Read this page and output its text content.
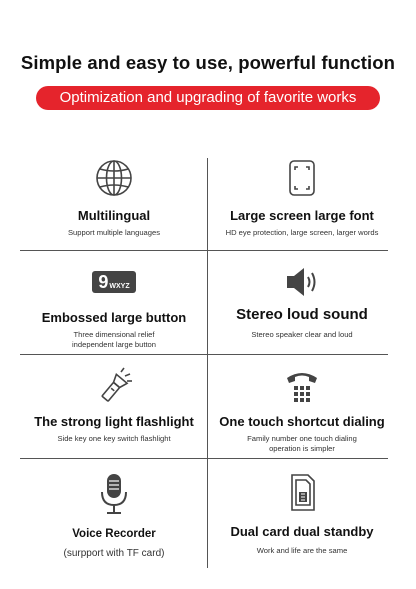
Simple and easy to use, powerful function
Optimization and upgrading of favorite works
Multilingual
Support multiple languages
Large screen large font
HD eye protection, large screen, larger words
9 WXYZ
Embossed large button
Three dimensional relief
independent large button
Stereo loud sound
Stereo speaker clear and loud
The strong light flashlight
Side key one key switch flashlight
One touch shortcut dialing
Family number one touch dialing
operation is simpler
Voice Recorder
(surpport with TF card)
Dual card dual standby
Work and life are the same
